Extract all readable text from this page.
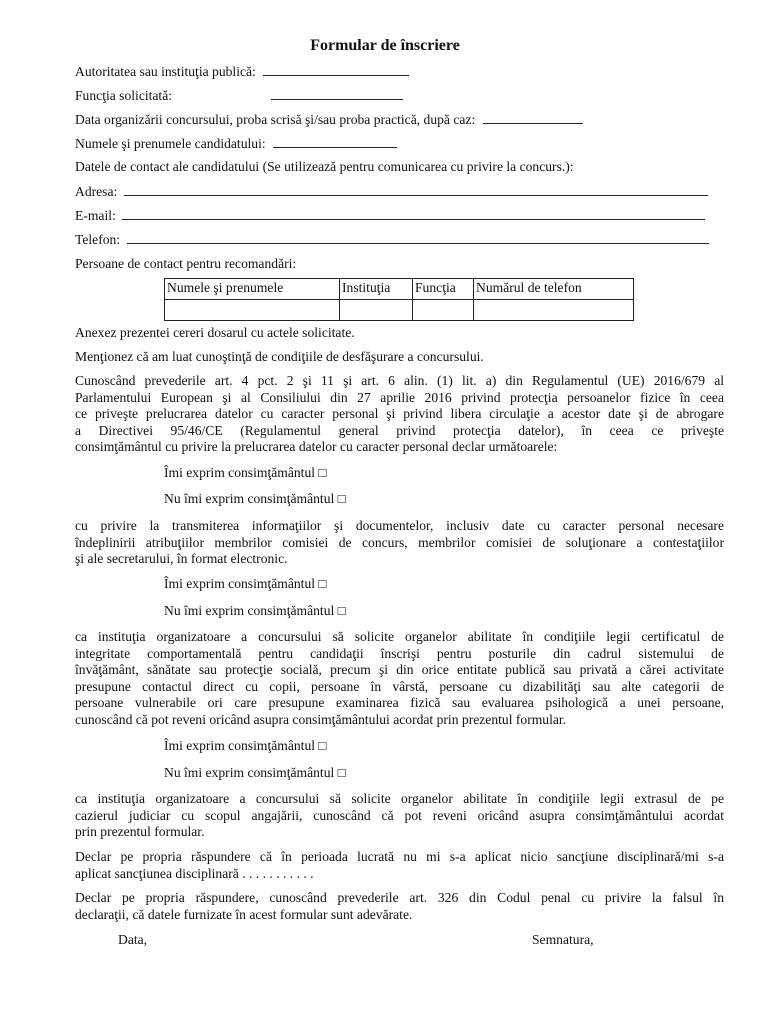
Formular de înscriere
Autoritatea sau instituţia publică:
Funcţia solicitată:
Data organizării concursului, proba scrisă şi/sau proba practică, după caz:
Numele şi prenumele candidatului:
Datele de contact ale candidatului (Se utilizează pentru comunicarea cu privire la concurs.):
Adresa:
E-mail:
Telefon:
Persoane de contact pentru recomandări:
Numele şi prenumele	Instituţia	Funcţia	Numărul de telefon

Anexez prezentei cereri dosarul cu actele solicitate.
Menţionez că am luat cunoştinţă de condiţiile de desfăşurare a concursului.
Cunoscând prevederile art. 4 pct. 2 şi 11 şi art. 6 alin. (1) lit. a) din Regulamentul (UE) 2016/679 al
Parlamentului European şi al Consiliului din 27 aprilie 2016 privind protecţia persoanelor fizice în ceea
ce priveşte prelucrarea datelor cu caracter personal şi privind libera circulaţie a acestor date şi de abrogare
a Directivei 95/46/CE (Regulamentul general privind protecţia datelor), în ceea ce priveşte
consimţământul cu privire la prelucrarea datelor cu caracter personal declar următoarele:
Îmi exprim consimţământul □
Nu îmi exprim consimţământul □
cu privire la transmiterea informaţiilor şi documentelor, inclusiv date cu caracter personal necesare
îndeplinirii atribuţiilor membrilor comisiei de concurs, membrilor comisiei de soluţionare a contestaţiilor
şi ale secretarului, în format electronic.
Îmi exprim consimţământul □
Nu îmi exprim consimţământul □
ca instituţia organizatoare a concursului să solicite organelor abilitate în condiţiile legii certificatul de
integritate comportamentală pentru candidaţii înscrişi pentru posturile din cadrul sistemului de
învăţământ, sănătate sau protecţie socială, precum şi din orice entitate publică sau privată a cărei activitate
presupune contactul direct cu copii, persoane în vârstă, persoane cu dizabilităţi sau alte categorii de
persoane vulnerabile ori care presupune examinarea fizică sau evaluarea psihologică a unei persoane,
cunoscând că pot reveni oricând asupra consimţământului acordat prin prezentul formular.
Îmi exprim consimţământul □
Nu îmi exprim consimţământul □
ca instituţia organizatoare a concursului să solicite organelor abilitate în condiţiile legii extrasul de pe
cazierul judiciar cu scopul angajării, cunoscând că pot reveni oricând asupra consimţământului acordat
prin prezentul formular.
Declar pe propria răspundere că în perioada lucrată nu mi s-a aplicat nicio sancţiune disciplinară/mi s-a
aplicat sancţiunea disciplinară . . . . . . . . . . .
Declar pe propria răspundere, cunoscând prevederile art. 326 din Codul penal cu privire la falsul în
declaraţii, că datele furnizate în acest formular sunt adevărate.
Data,	Semnatura,
